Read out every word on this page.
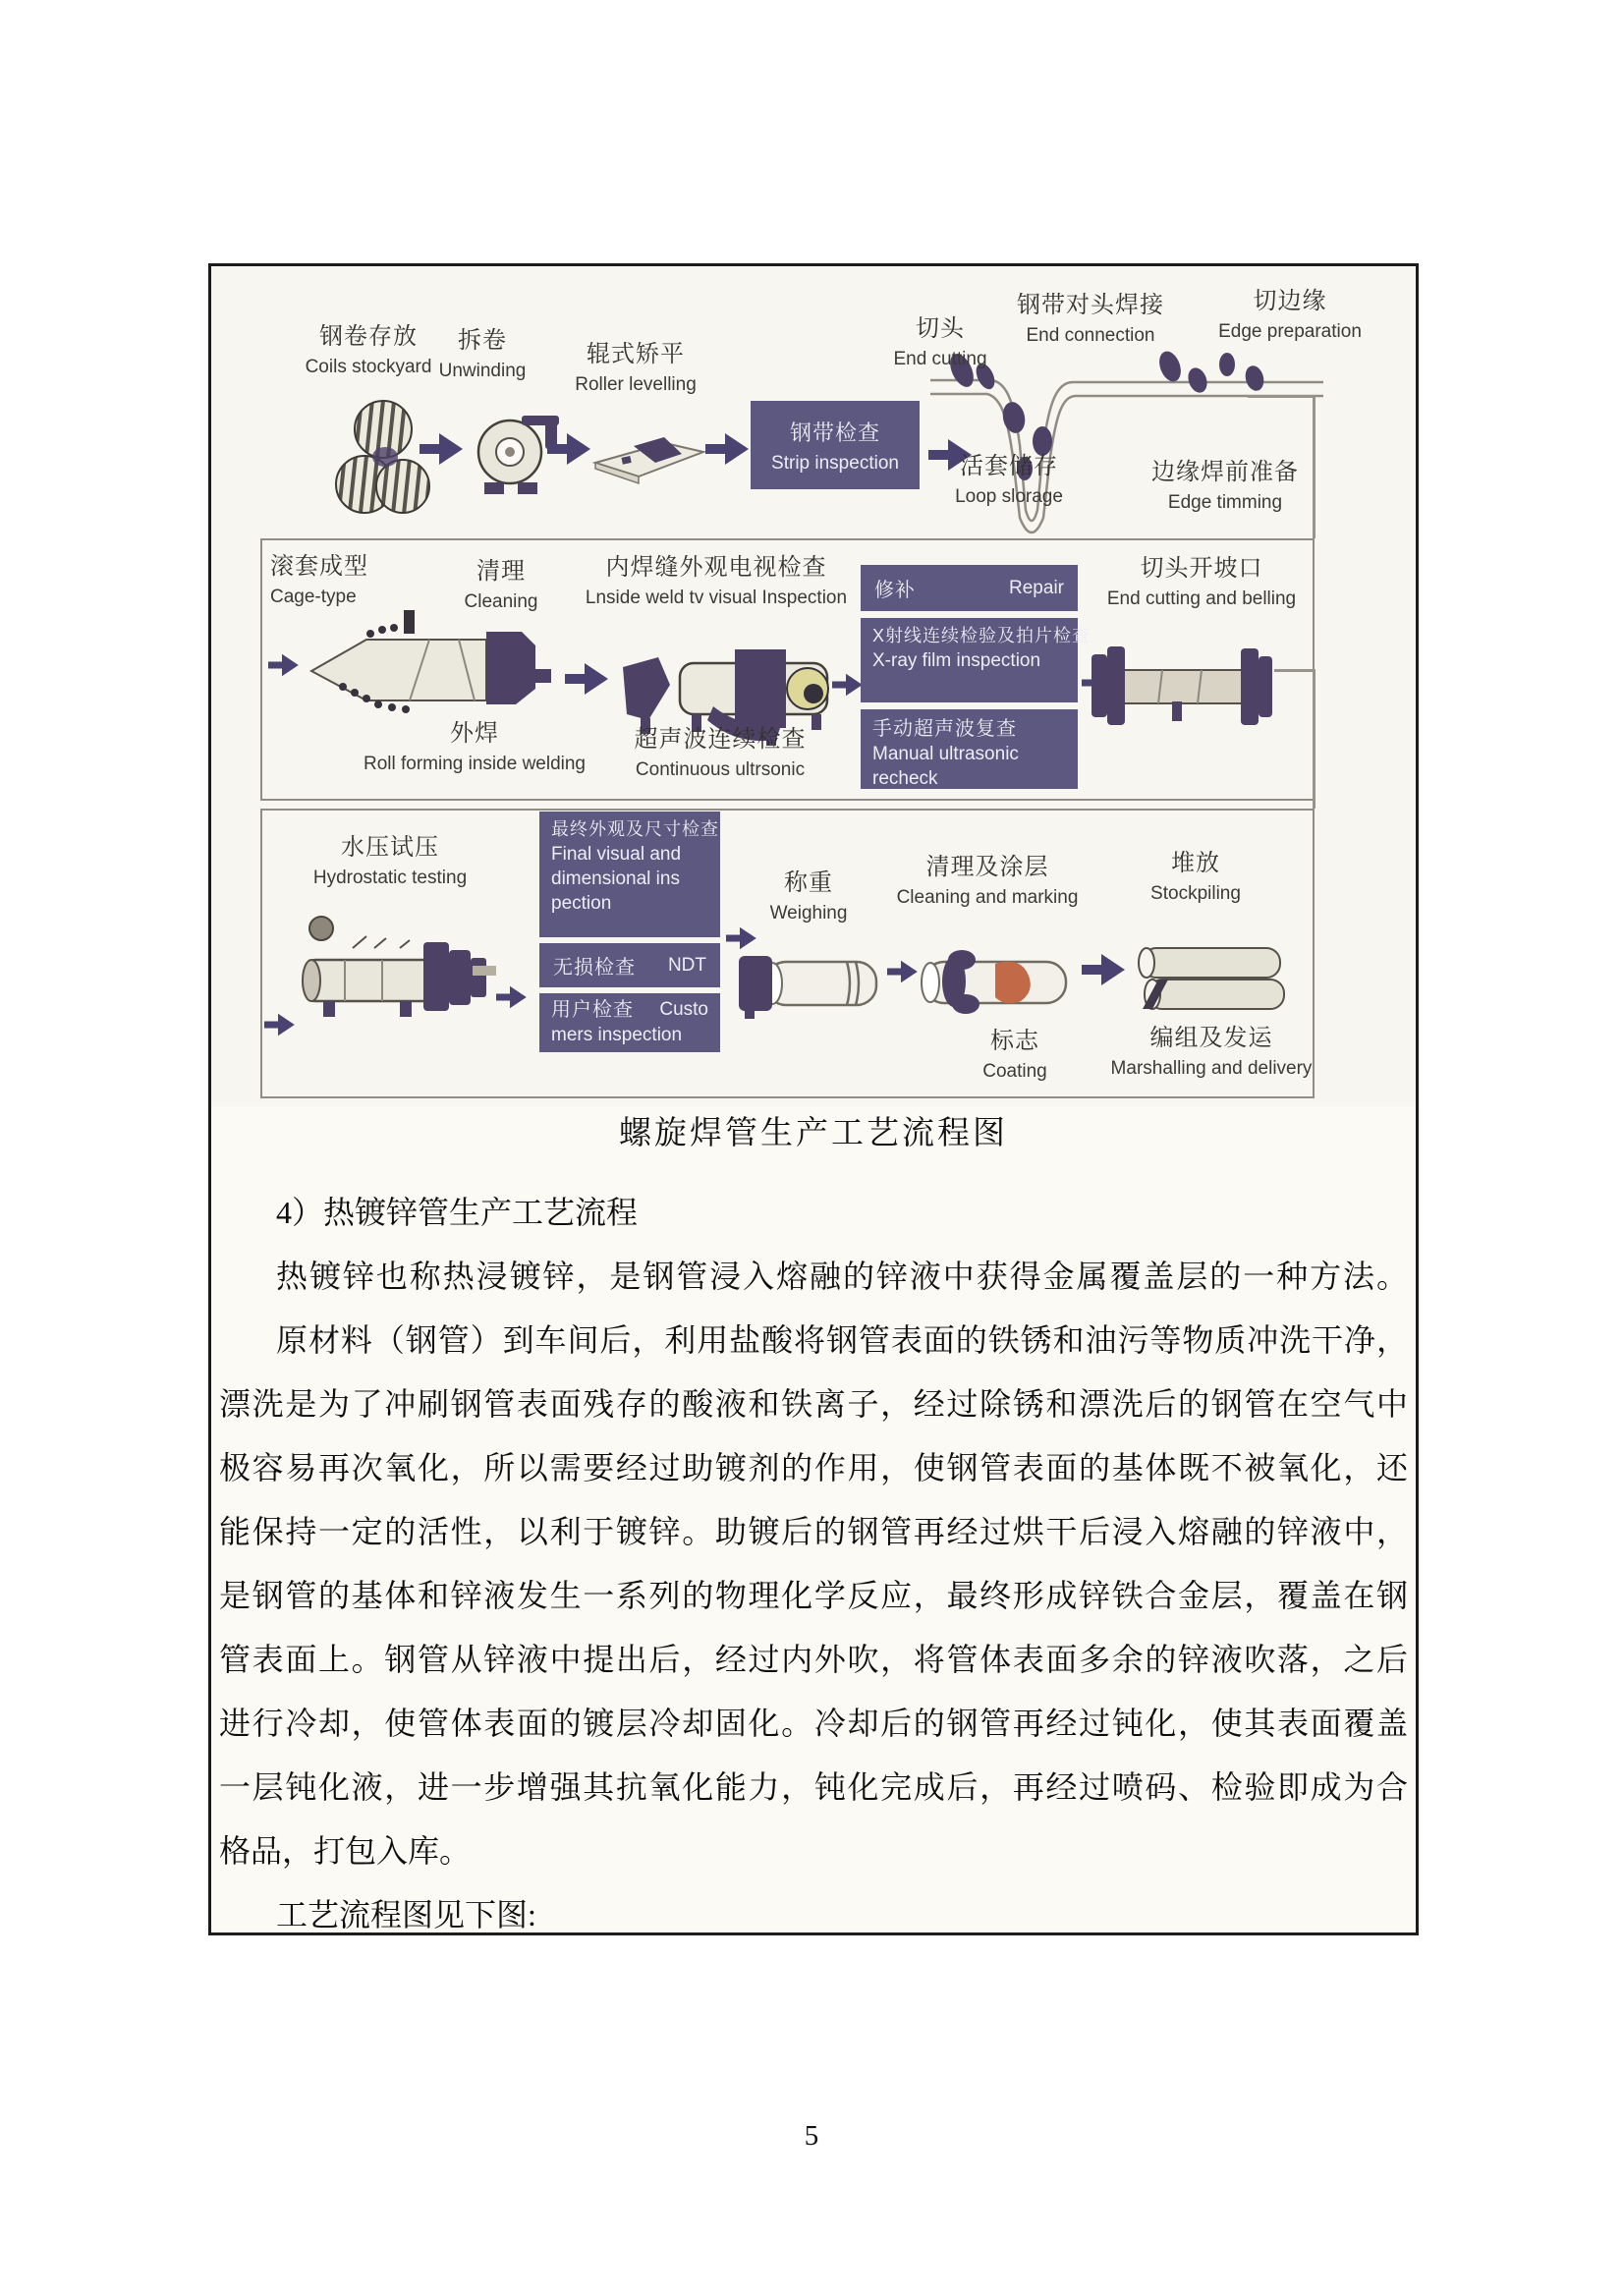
钢卷存放
Coils stockyard
拆卷
Unwinding
辊式矫平
Roller levelling
钢带检查
Strip inspection
切头
End cutting
钢带对头焊接
End connection
切边缘
Edge preparation
活套储存
Loop slorage
边缘焊前准备
Edge timming
滚套成型
Cage-type
清理
Cleaning
内焊缝外观电视检查
Lnside weld tv visual Inspection
外焊
Roll forming inside welding
超声波连续检查
Continuous ultrsonic
修补	Repair
X射线连续检验及拍片检查
X-ray film inspection
手动超声波复查
Manual ultrasonic
recheck
切头开坡口
End cutting and belling
水压试压
Hydrostatic testing
最终外观及尺寸检查
Final visual and
dimensional ins
pection
无损检查 NDT
用户检查 Custo
mers inspection
称重
Weighing
清理及涂层
Cleaning and marking
标志
Coating
堆放
Stockpiling
编组及发运
Marshalling and delivery
螺旋焊管生产工艺流程图
4）热镀锌管生产工艺流程
热镀锌也称热浸镀锌，是钢管浸入熔融的锌液中获得金属覆盖层的一种方法。
原材料（钢管）到车间后，利用盐酸将钢管表面的铁锈和油污等物质冲洗干净，
漂洗是为了冲刷钢管表面残存的酸液和铁离子，经过除锈和漂洗后的钢管在空气中
极容易再次氧化，所以需要经过助镀剂的作用，使钢管表面的基体既不被氧化，还
能保持一定的活性，以利于镀锌。助镀后的钢管再经过烘干后浸入熔融的锌液中，
是钢管的基体和锌液发生一系列的物理化学反应，最终形成锌铁合金层，覆盖在钢
管表面上。钢管从锌液中提出后，经过内外吹，将管体表面多余的锌液吹落，之后
进行冷却，使管体表面的镀层冷却固化。冷却后的钢管再经过钝化，使其表面覆盖
一层钝化液，进一步增强其抗氧化能力，钝化完成后，再经过喷码、检验即成为合
格品，打包入库。
工艺流程图见下图:
5
